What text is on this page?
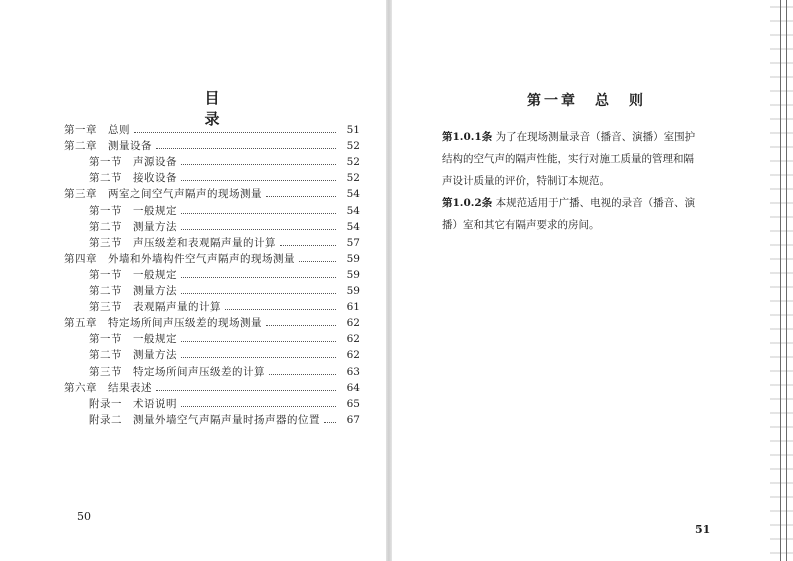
目　录
第一章　总则	51
第二章　测量设备	52
第一节　声源设备	52
第二节　接收设备	52
第三章　两室之间空气声隔声的现场测量	54
第一节　一般规定	54
第二节　测量方法	54
第三节　声压级差和表观隔声量的计算	57
第四章　外墙和外墙构件空气声隔声的现场测量	59
第一节　一般规定	59
第二节　测量方法	59
第三节　表观隔声量的计算	61
第五章　特定场所间声压级差的现场测量	62
第一节　一般规定	62
第二节　测量方法	62
第三节　特定场所间声压级差的计算	63
第六章　结果表述	64
附录一　术语说明	65
附录二　测量外墙空气声隔声量时扬声器的位置	67
50
第一章　总　则
第1.0.1条 为了在现场测量录音（播音、演播）室围护结构的空气声的隔声性能，实行对施工质量的管理和隔声设计质量的评价，特制订本规范。
第1.0.2条 本规范适用于广播、电视的录音（播音、演播）室和其它有隔声要求的房间。
51
